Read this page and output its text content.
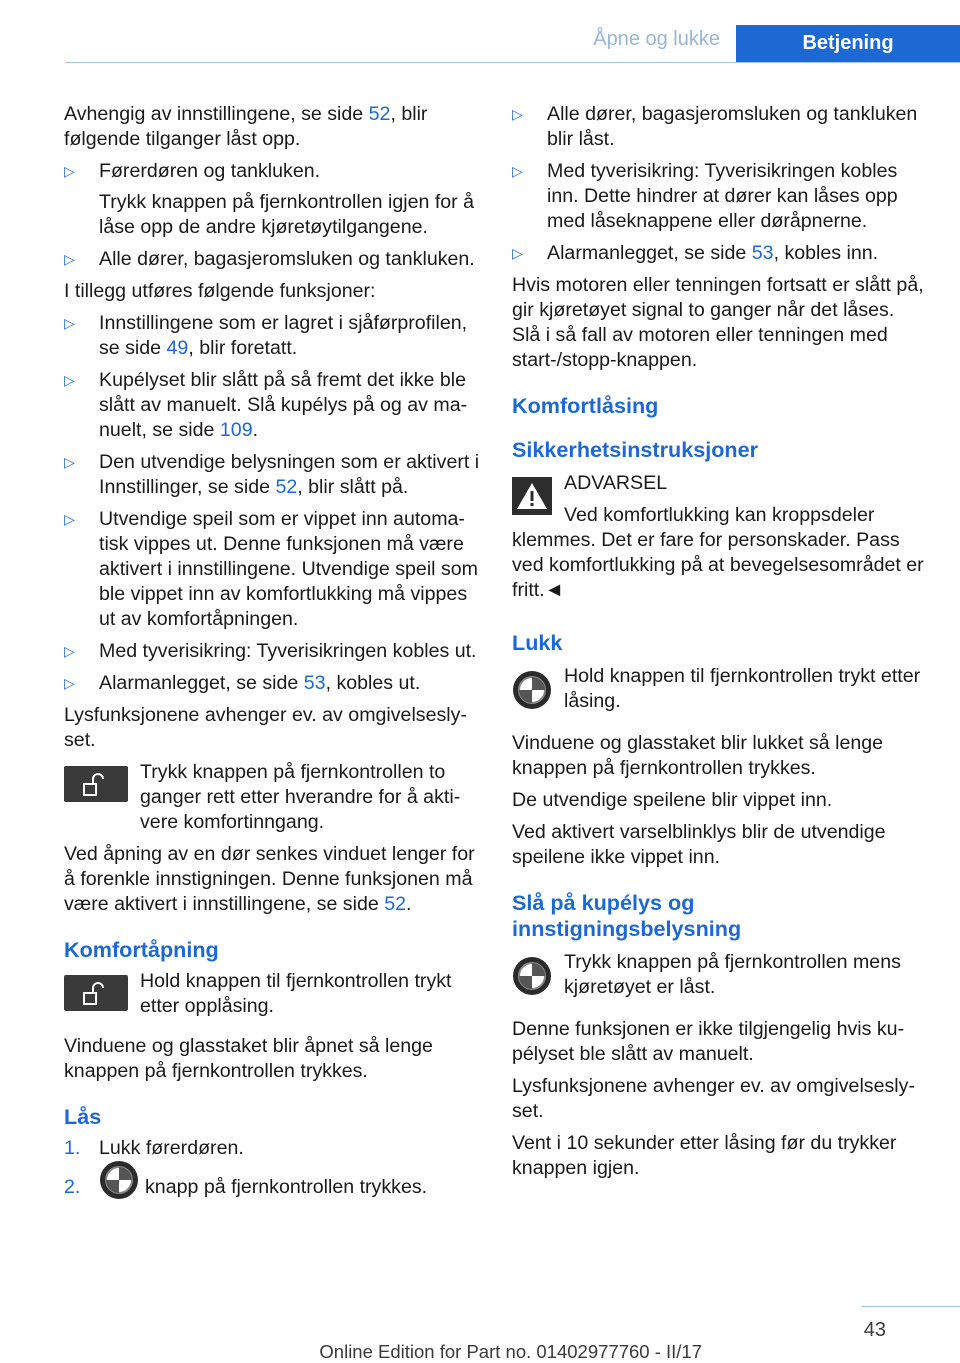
Åpne og lukke	Betjening

Avhengig av innstillingene, se side 52, blir følgende tilganger låst opp.

▷ Førerdøren og tankluken.
Trykk knappen på fjernkontrollen igjen for å låse opp de andre kjøretøytilgangene.
▷ Alle dører, bagasjeromsluken og tankluken.

I tillegg utføres følgende funksjoner:

▷ Innstillingene som er lagret i sjåførprofilen, se side 49, blir foretatt.
▷ Kupélyset blir slått på så fremt det ikke ble slått av manuelt. Slå kupélys på og av manuelt, se side 109.
▷ Den utvendige belysningen som er aktivert i Innstillinger, se side 52, blir slått på.
▷ Utvendige speil som er vippet inn automatisk vippes ut. Denne funksjonen må være aktivert i innstillingene. Utvendige speil som ble vippet inn av komfortlukking må vippes ut av komfortåpningen.
▷ Med tyverisikring: Tyverisikringen kobles ut.
▷ Alarmanlegget, se side 53, kobles ut.

Lysfunksjonene avhenger ev. av omgivelseslyset.

Trykk knappen på fjernkontrollen to ganger rett etter hverandre for å aktivere komfortinngang.

Ved åpning av en dør senkes vinduet lenger for å forenkle innstigningen. Denne funksjonen må være aktivert i innstillingene, se side 52.

Komfortåpning

Hold knappen til fjernkontrollen trykt etter opplåsing.

Vinduene og glasstaket blir åpnet så lenge knappen på fjernkontrollen trykkes.

Lås
1. Lukk førerdøren.
2.	knapp på fjernkontrollen trykkes.
▷ Alle dører, bagasjeromsluken og tankluken blir låst.
▷ Med tyverisikring: Tyverisikringen kobles inn. Dette hindrer at dører kan låses opp med låseknappene eller døråpnerne.
▷ Alarmanlegget, se side 53, kobles inn.

Hvis motoren eller tenningen fortsatt er slått på, gir kjøretøyet signal to ganger når det låses. Slå i så fall av motoren eller tenningen med start-/stopp-knappen.

Komfortlåsing
Sikkerhetsinstruksjoner

ADVARSEL

Ved komfortlukking kan kroppsdeler klemmes. Det er fare for personskader. Pass ved komfortlukking på at bevegelsesområdet er fritt.◄

Lukk

Hold knappen til fjernkontrollen trykt etter låsing.

Vinduene og glasstaket blir lukket så lenge knappen på fjernkontrollen trykkes.

De utvendige speilene blir vippet inn.

Ved aktivert varselblinklys blir de utvendige speilene ikke vippet inn.

Slå på kupélys og innstigningsbelysning

Trykk knappen på fjernkontrollen mens kjøretøyet er låst.

Denne funksjonen er ikke tilgjengelig hvis kupélyset ble slått av manuelt.

Lysfunksjonene avhenger ev. av omgivelseslyset.

Vent i 10 sekunder etter låsing før du trykker knappen igjen.

43
Online Edition for Part no. 01402977760 - II/17
